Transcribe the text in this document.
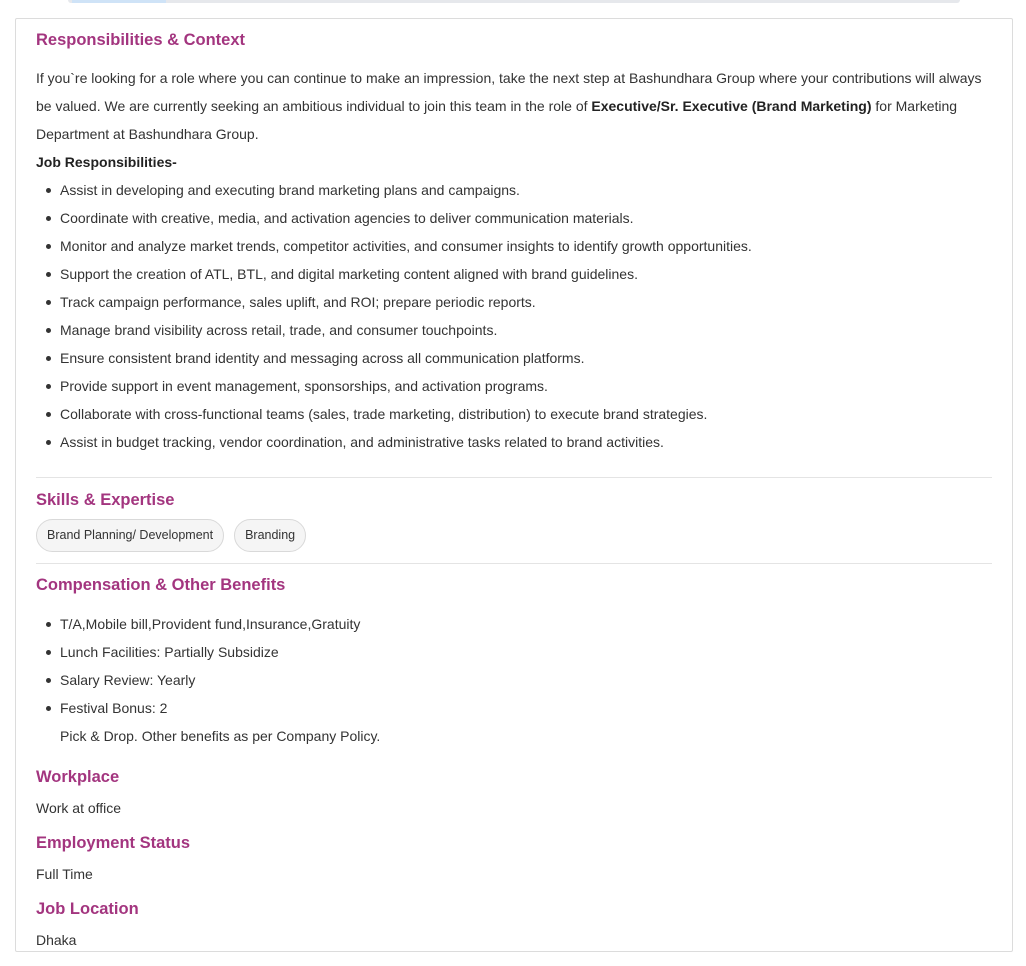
Responsibilities & Context

If you`re looking for a role where you can continue to make an impression, take the next step at Bashundhara Group where your contributions will always be valued. We are currently seeking an ambitious individual to join this team in the role of Executive/Sr. Executive (Brand Marketing) for Marketing Department at Bashundhara Group.

Job Responsibilities-
Assist in developing and executing brand marketing plans and campaigns.
Coordinate with creative, media, and activation agencies to deliver communication materials.
Monitor and analyze market trends, competitor activities, and consumer insights to identify growth opportunities.
Support the creation of ATL, BTL, and digital marketing content aligned with brand guidelines.
Track campaign performance, sales uplift, and ROI; prepare periodic reports.
Manage brand visibility across retail, trade, and consumer touchpoints.
Ensure consistent brand identity and messaging across all communication platforms.
Provide support in event management, sponsorships, and activation programs.
Collaborate with cross-functional teams (sales, trade marketing, distribution) to execute brand strategies.
Assist in budget tracking, vendor coordination, and administrative tasks related to brand activities.
Skills & Expertise
Brand Planning/ Development	Branding
Compensation & Other Benefits
T/A,Mobile bill,Provident fund,Insurance,Gratuity
Lunch Facilities: Partially Subsidize
Salary Review: Yearly
Festival Bonus: 2
Pick & Drop. Other benefits as per Company Policy.
Workplace
Work at office
Employment Status
Full Time
Job Location
Dhaka
